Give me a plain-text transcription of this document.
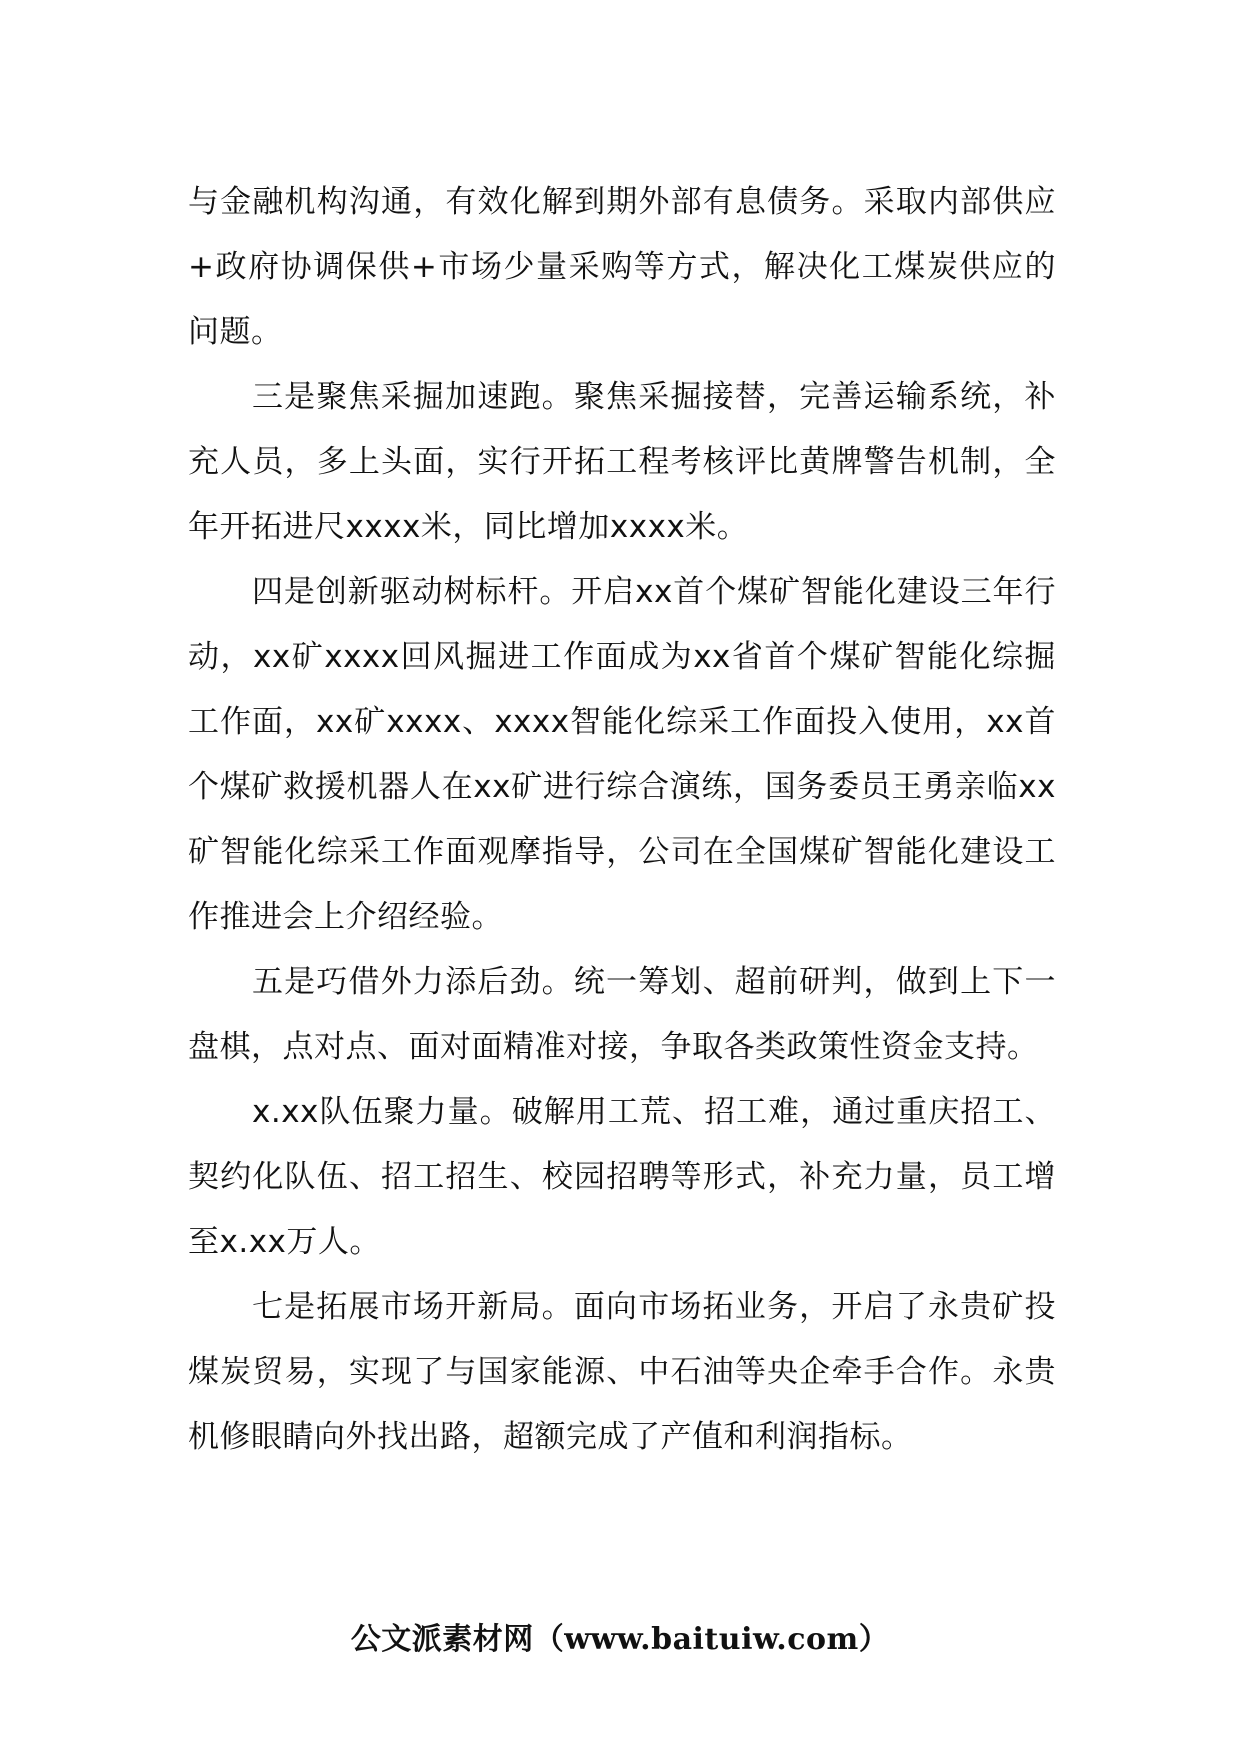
与金融机构沟通，有效化解到期外部有息债务。采取内部供应+政府协调保供+市场少量采购等方式，解决化工煤炭供应的问题。

三是聚焦采掘加速跑。聚焦采掘接替，完善运输系统，补充人员，多上头面，实行开拓工程考核评比黄牌警告机制，全年开拓进尺xxxx米，同比增加xxxx米。

四是创新驱动树标杆。开启xx首个煤矿智能化建设三年行动，xx矿xxxx回风掘进工作面成为xx省首个煤矿智能化综掘工作面，xx矿xxxx、xxxx智能化综采工作面投入使用，xx首个煤矿救援机器人在xx矿进行综合演练，国务委员王勇亲临xx矿智能化综采工作面观摩指导，公司在全国煤矿智能化建设工作推进会上介绍经验。

五是巧借外力添后劲。统一筹划、超前研判，做到上下一盘棋，点对点、面对面精准对接，争取各类政策性资金支持。

x.xx队伍聚力量。破解用工荒、招工难，通过重庆招工、契约化队伍、招工招生、校园招聘等形式，补充力量，员工增至x.xx万人。

七是拓展市场开新局。面向市场拓业务，开启了永贵矿投煤炭贸易，实现了与国家能源、中石油等央企牵手合作。永贵机修眼睛向外找出路，超额完成了产值和利润指标。

公文派素材网（www.baituiw.com）
